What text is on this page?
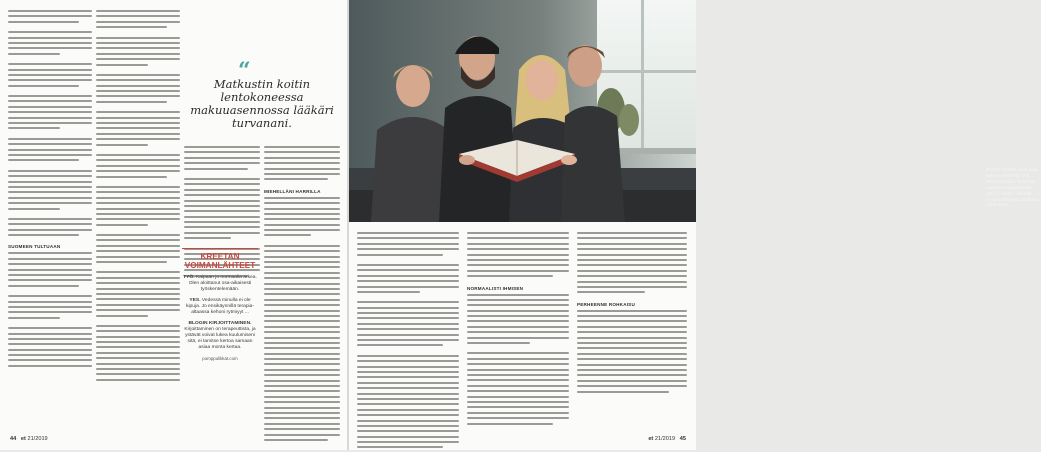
SUOMEEN TULTUAAN
MIEHELLÄNI HARRILLA
“
Matkustin koitin lentokoneessa makuuasennossa lääkäri turvanani.
KREETAN
VOIMANLÄHTEET
TYÖ. Kaipaan jo normaalia arkea. Olen aloittanut osa-aikaisesti työskentelemään.
YES. Vedessä minulla ei ole kipuja. Jo ensikäynnillä terapia-altaassa kehoni rytmiyyt ...
BLOGIN KIRJOITTAMINEN. Kirjoittaminen on terapeuttista, ja ystävät voivat lukea kuulumiseni sitä, ei tarvitse kertoa samaan asiaa monta kertaa.
pomppulikkat.com
44 et 21/2019
NORMAALISTI IHMISEN
PERHEENNE ROHKAISU
et 21/2019 45
Pienet arkiset asiat ovat tulleet perheelle yhä tärkeämmiksi. Kreetan vasem-malla puolella Joni ja Harri, oikealla ensimmäisessä mukana olilut Jerry.
